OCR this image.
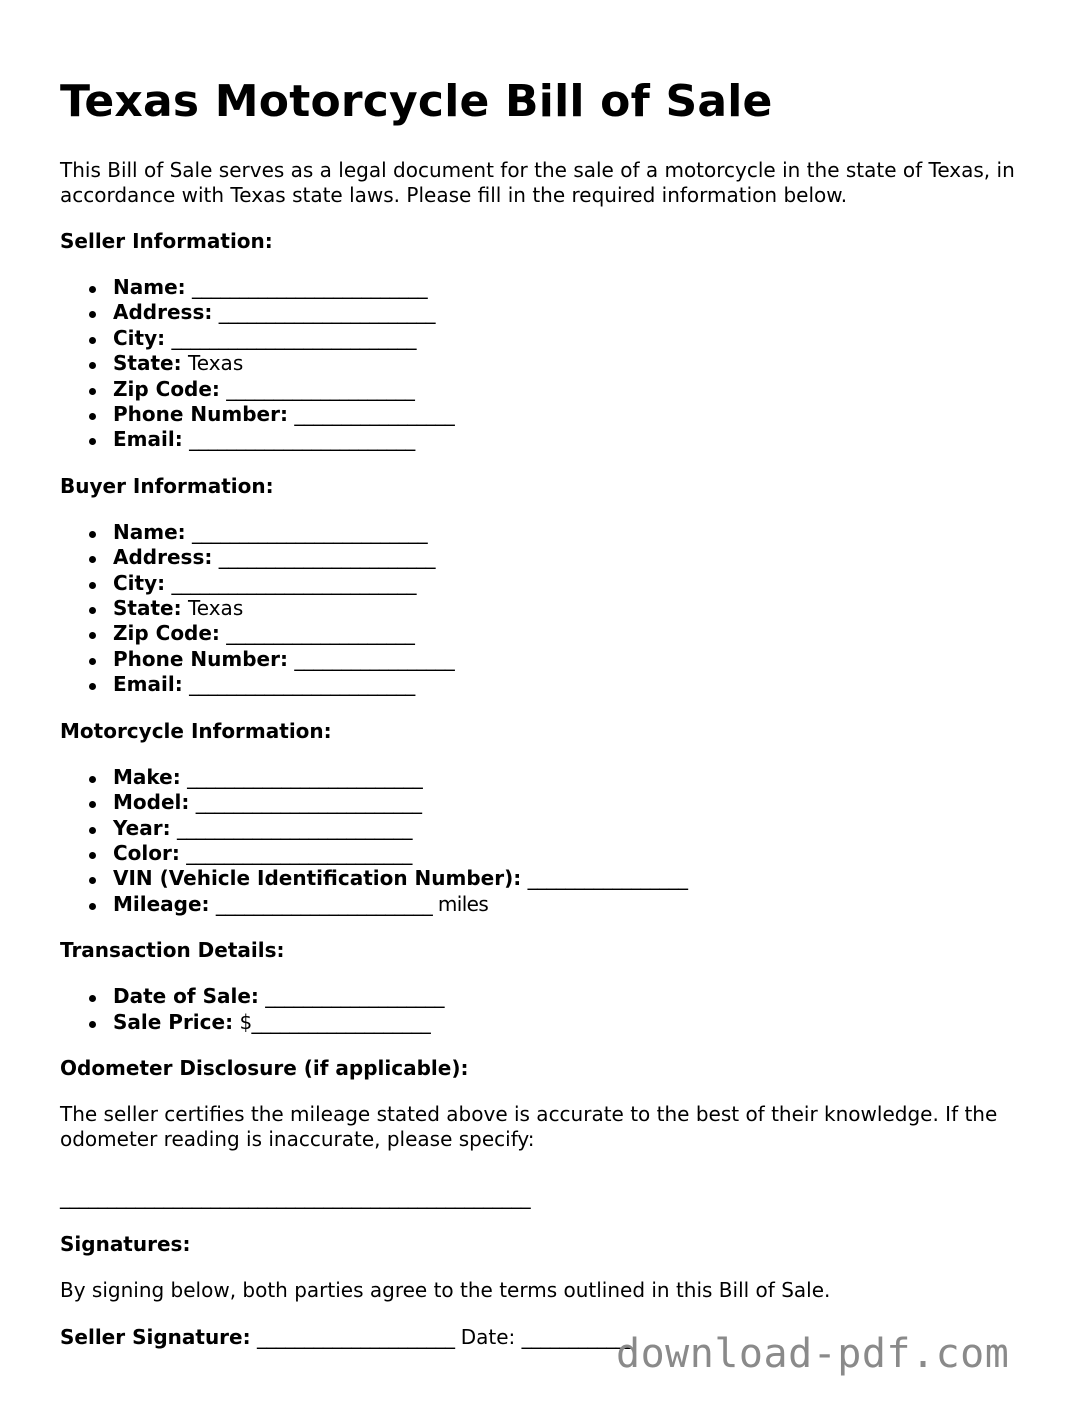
Texas Motorcycle Bill of Sale

This Bill of Sale serves as a legal document for the sale of a motorcycle in the state of Texas, in accordance with Texas state laws. Please fill in the required information below.

Seller Information:

Name: _________________________
Address: _______________________
City: __________________________
State: Texas
Zip Code: ____________________
Phone Number: _________________
Email: ________________________

Buyer Information:

Name: _________________________
Address: _______________________
City: __________________________
State: Texas
Zip Code: ____________________
Phone Number: _________________
Email: ________________________

Motorcycle Information:

Make: _________________________
Model: ________________________
Year: _________________________
Color: ________________________
VIN (Vehicle Identification Number): _________________
Mileage: _______________________ miles

Transaction Details:

Date of Sale: ___________________
Sale Price: $___________________

Odometer Disclosure (if applicable):

The seller certifies the mileage stated above is accurate to the best of their knowledge. If the odometer reading is inaccurate, please specify:

__________________________________________________

Signatures:

By signing below, both parties agree to the terms outlined in this Bill of Sale.

Seller Signature: _____________________ Date: ____________

download-pdf.com
